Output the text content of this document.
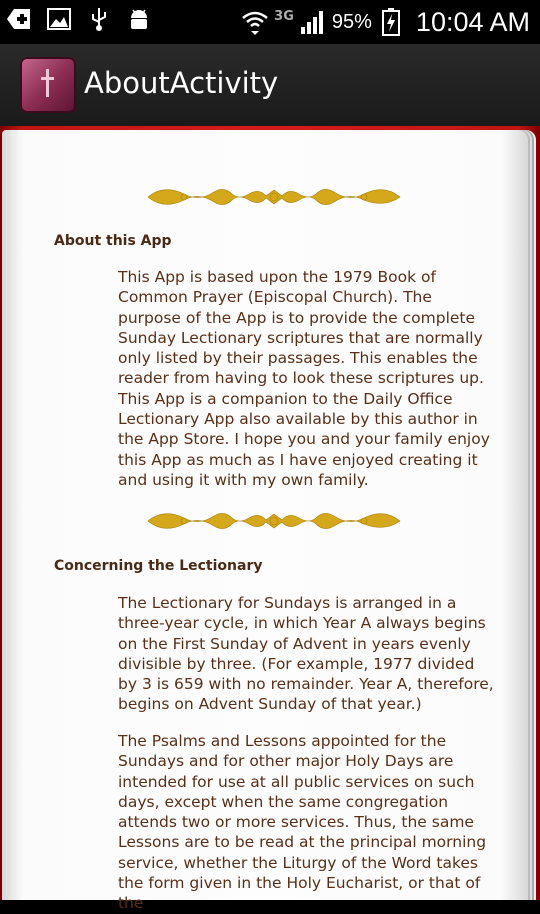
3G 95% 10:04 AM
AboutActivity
About this App
This App is based upon the 1979 Book of Common Prayer (Episcopal Church). The purpose of the App is to provide the complete Sunday Lectionary scriptures that are normally only listed by their passages. This enables the reader from having to look these scriptures up. This App is a companion to the Daily Office Lectionary App also available by this author in the App Store. I hope you and your family enjoy this App as much as I have enjoyed creating it and using it with my own family.
Concerning the Lectionary
The Lectionary for Sundays is arranged in a three-year cycle, in which Year A always begins on the First Sunday of Advent in years evenly divisible by three. (For example, 1977 divided by 3 is 659 with no remainder. Year A, therefore, begins on Advent Sunday of that year.)
The Psalms and Lessons appointed for the Sundays and for other major Holy Days are intended for use at all public services on such days, except when the same congregation attends two or more services. Thus, the same Lessons are to be read at the principal morning service, whether the Liturgy of the Word takes the form given in the Holy Eucharist, or that of the
